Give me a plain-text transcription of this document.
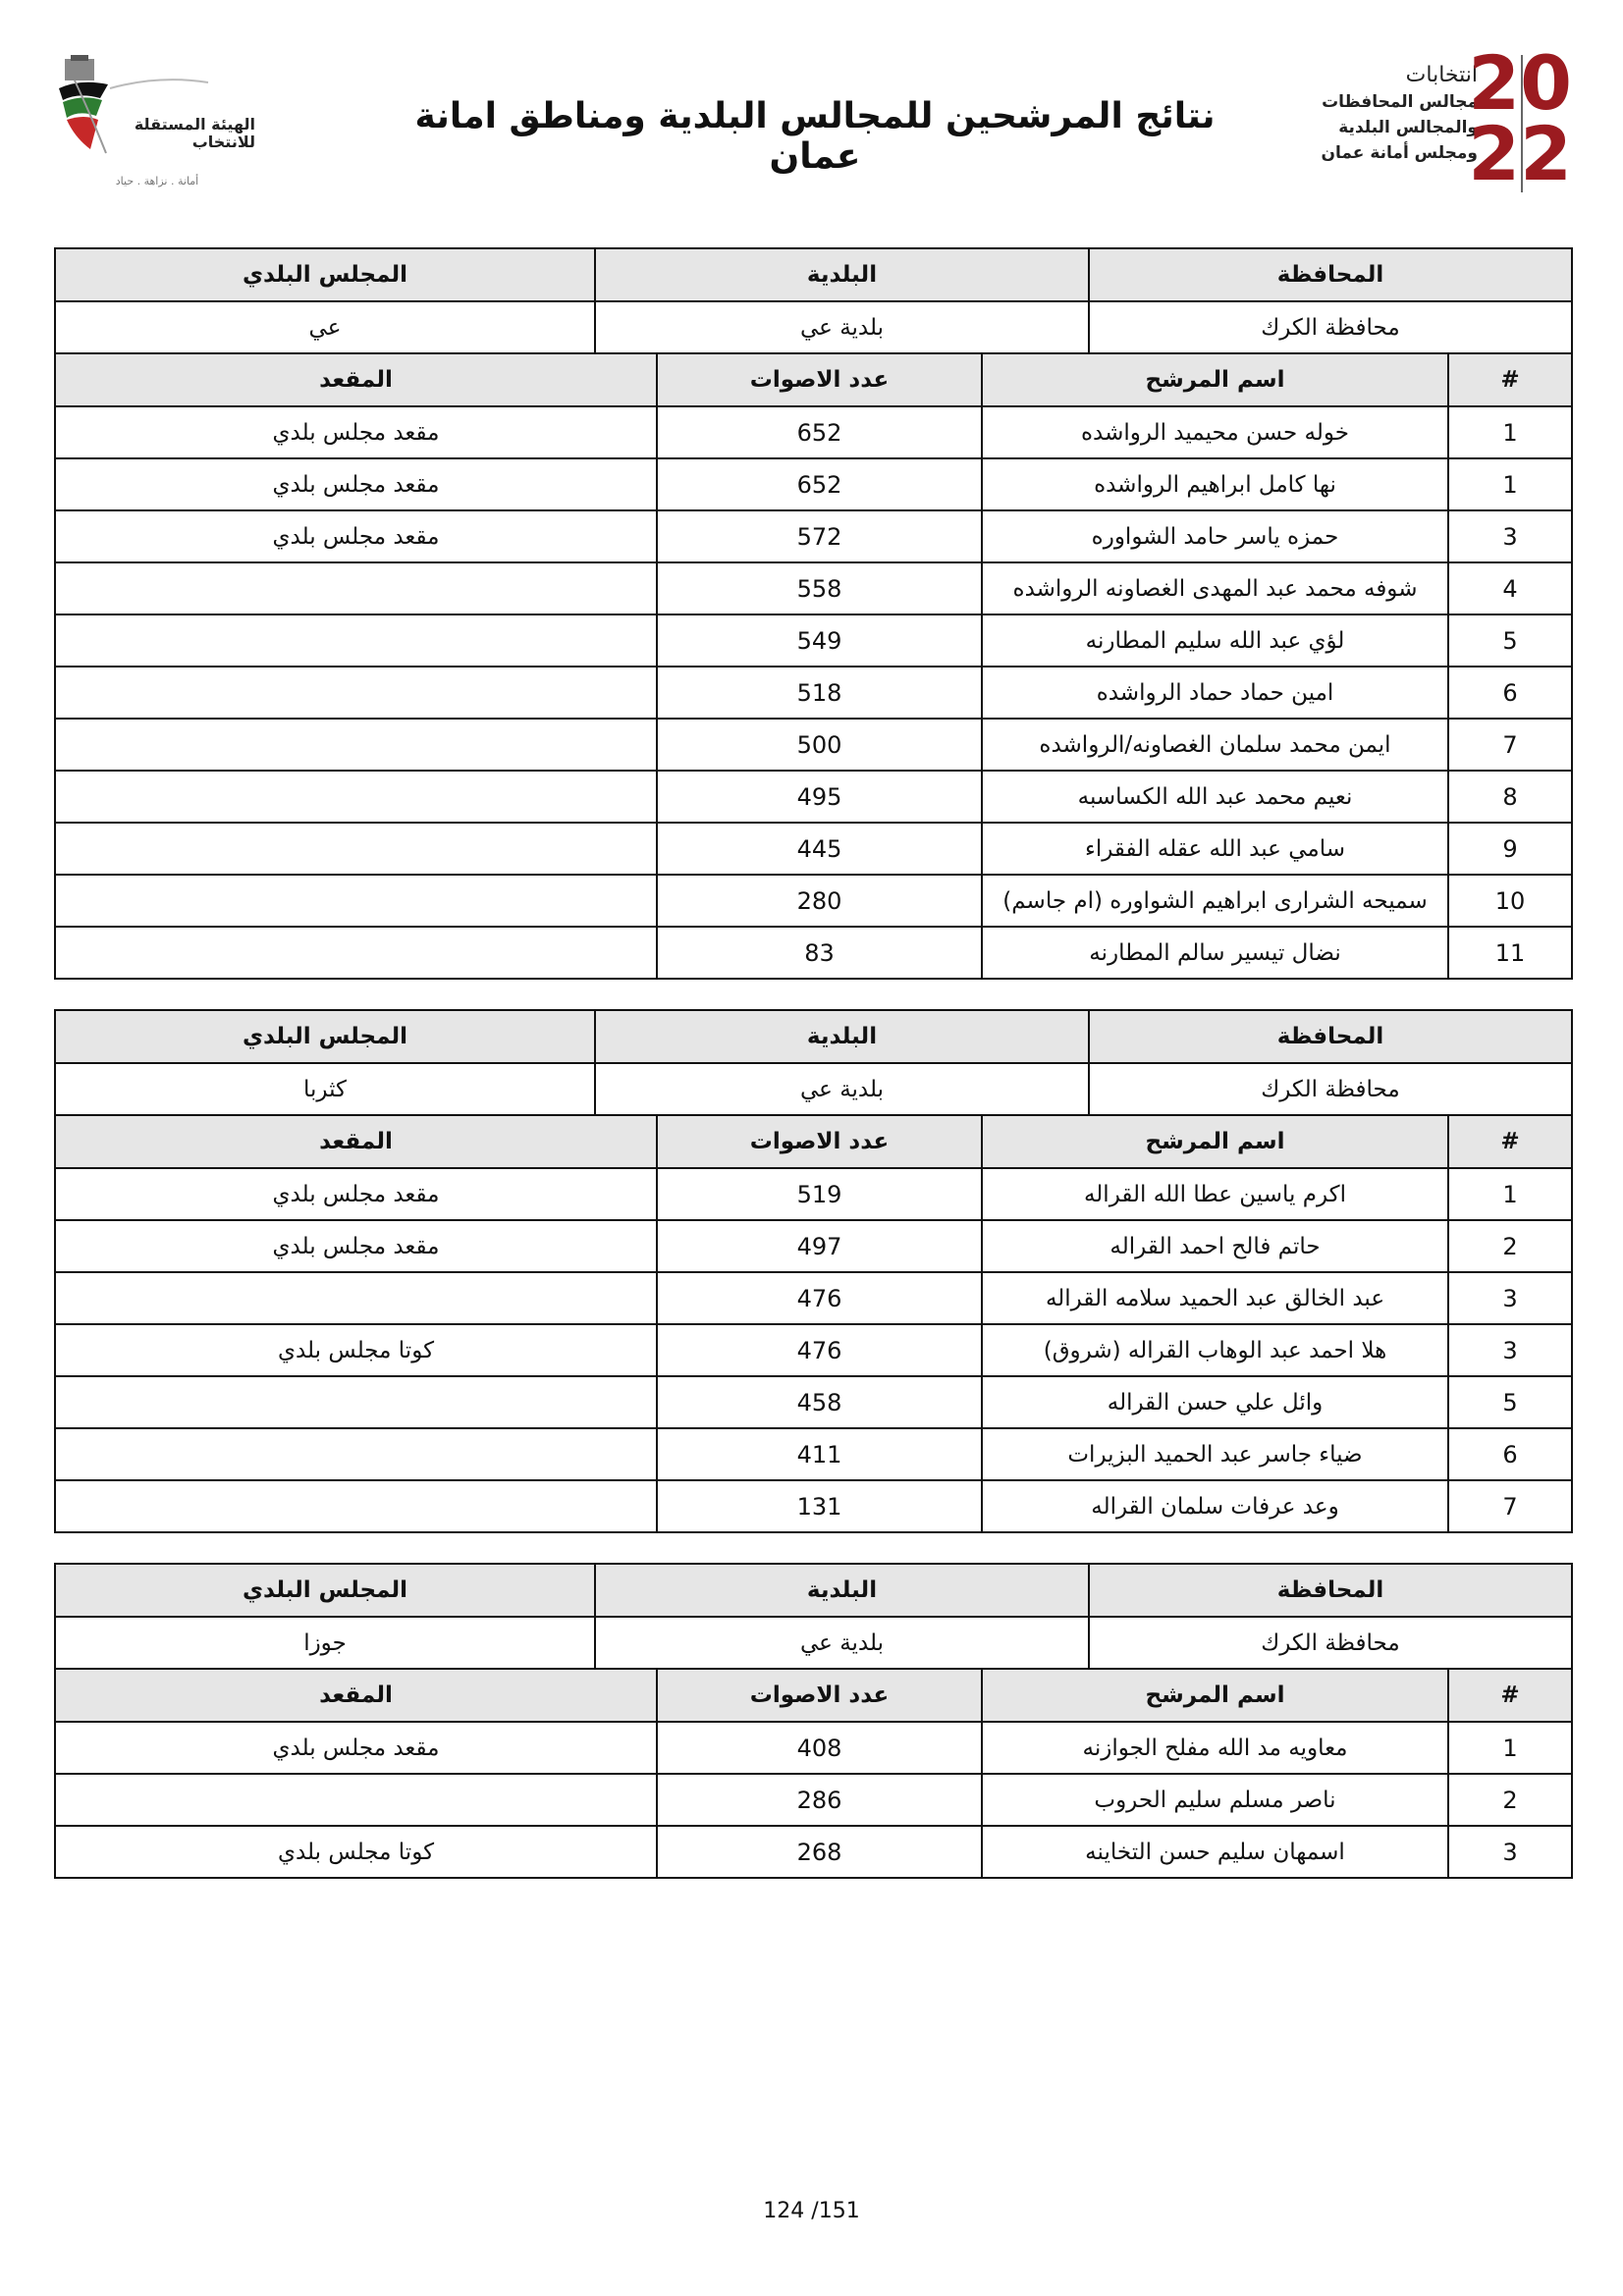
الهيئة المستقلة للانتخاب
أمانة . نزاهة . حياد
نتائج المرشحين للمجالس البلدية ومناطق امانة عمان
انتخابات
مجالس المحافظات
والمجالس البلدية
ومجلس أمانة عمان
20
22
المحافظة	البلدية	المجلس البلدي
محافظة الكرك	بلدية عي	عي
#	اسم المرشح	عدد الاصوات	المقعد
1	خوله حسن محيميد الرواشده	652	مقعد مجلس بلدي
1	نها كامل ابراهيم الرواشده	652	مقعد مجلس بلدي
3	حمزه ياسر حامد الشواوره	572	مقعد مجلس بلدي
4	شوفه محمد عبد المهدى الغصاونه الرواشده	558	
5	لؤي عبد الله سليم المطارنه	549	
6	امين حماد حماد الرواشده	518	
7	ايمن محمد سلمان الغصاونه/الرواشده	500	
8	نعيم محمد عبد الله الكساسبه	495	
9	سامي عبد الله عقله الفقراء	445	
10	سميحه الشرارى ابراهيم الشواوره (ام جاسم)	280	
11	نضال تيسير سالم المطارنه	83	
المحافظة	البلدية	المجلس البلدي
محافظة الكرك	بلدية عي	كثربا
#	اسم المرشح	عدد الاصوات	المقعد
1	اكرم ياسين عطا الله القراله	519	مقعد مجلس بلدي
2	حاتم فالح احمد القراله	497	مقعد مجلس بلدي
3	عبد الخالق عبد الحميد سلامه القراله	476	
3	هلا احمد عبد الوهاب القراله (شروق)	476	كوتا مجلس بلدي
5	وائل علي حسن القراله	458	
6	ضياء جاسر عبد الحميد البزيرات	411	
7	وعد عرفات سلمان القراله	131	
المحافظة	البلدية	المجلس البلدي
محافظة الكرك	بلدية عي	جوزا
#	اسم المرشح	عدد الاصوات	المقعد
1	معاويه مد الله مفلح الجوازنه	408	مقعد مجلس بلدي
2	ناصر مسلم سليم الحروب	286	
3	اسمهان سليم حسن التخاينه	268	كوتا مجلس بلدي
124 /151
